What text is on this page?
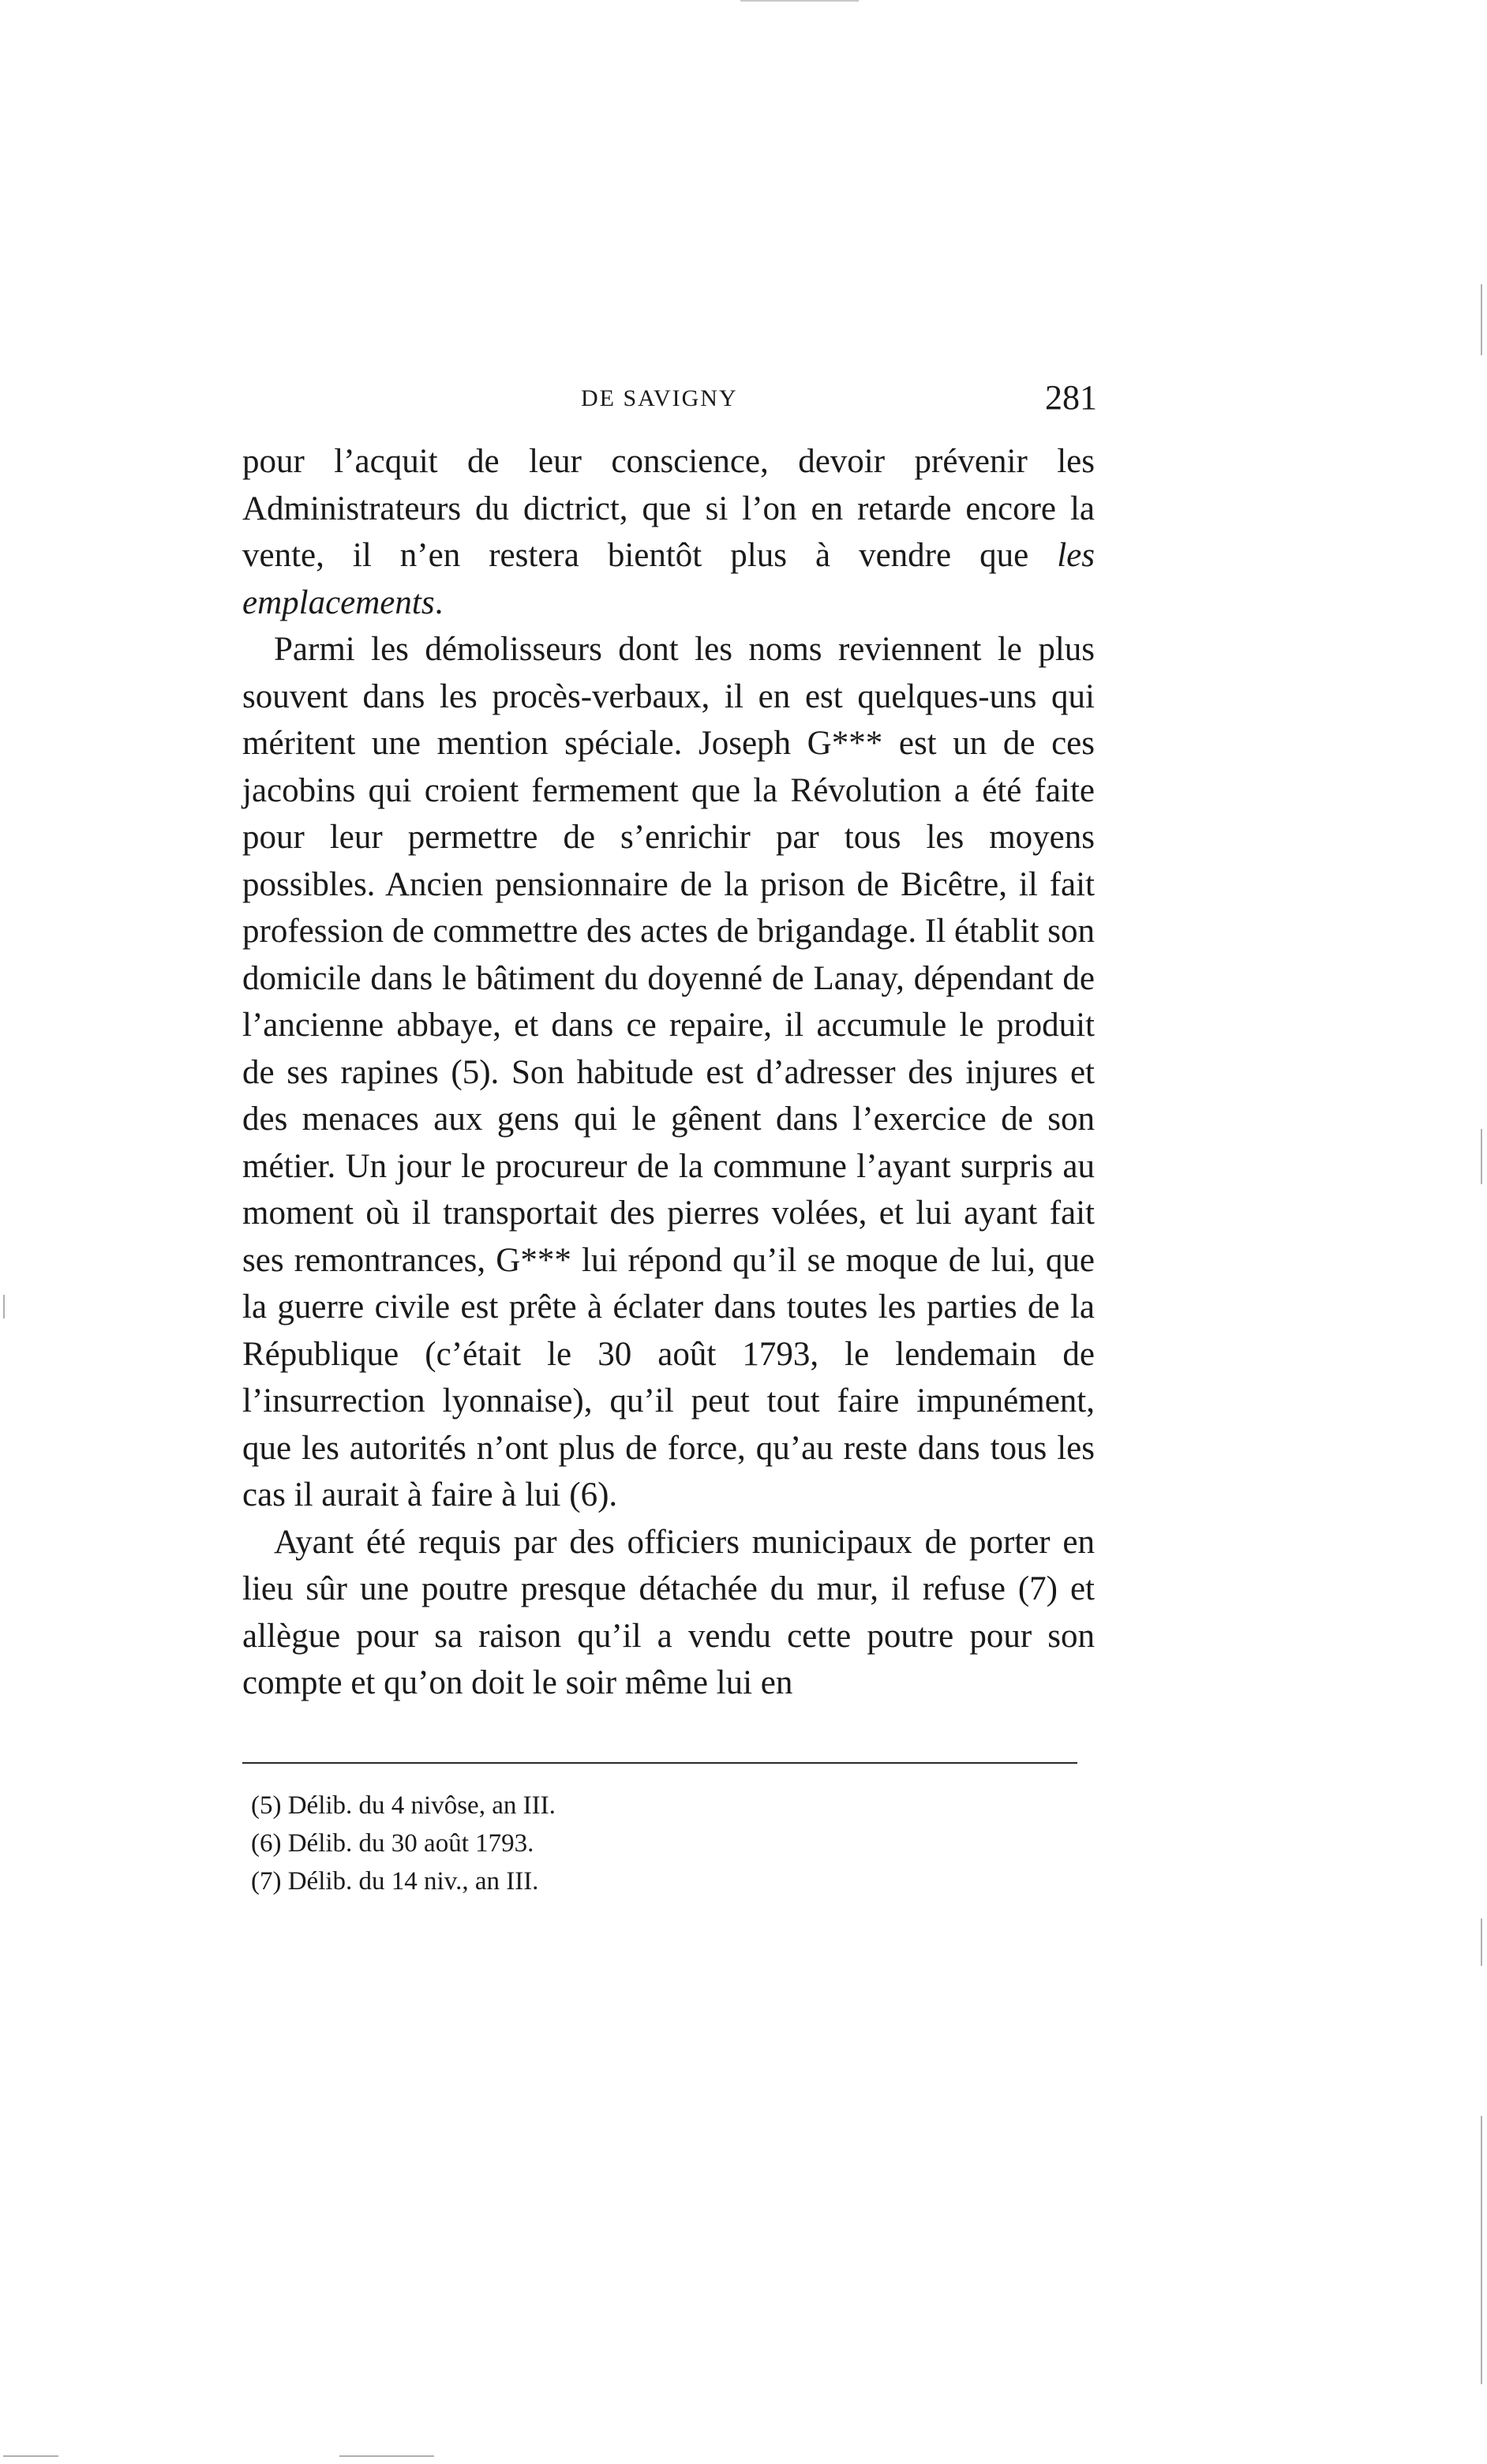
DE SAVIGNY	281

pour l’acquit de leur conscience, devoir prévenir les Administrateurs du dictrict, que si l’on en retarde encore la vente, il n’en restera bientôt plus à vendre que les emplacements.

Parmi les démolisseurs dont les noms reviennent le plus souvent dans les procès-verbaux, il en est quelques-uns qui méritent une mention spéciale. Joseph G*** est un de ces jacobins qui croient fermement que la Révolution a été faite pour leur permettre de s’enrichir par tous les moyens possibles. Ancien pensionnaire de la prison de Bicêtre, il fait profession de commettre des actes de brigandage. Il établit son domicile dans le bâtiment du doyenné de Lanay, dépendant de l’ancienne abbaye, et dans ce repaire, il accumule le produit de ses rapines (5). Son habitude est d’adresser des injures et des menaces aux gens qui le gênent dans l’exercice de son métier. Un jour le procureur de la commune l’ayant surpris au moment où il transportait des pierres volées, et lui ayant fait ses remontrances, G*** lui répond qu’il se moque de lui, que la guerre civile est prête à éclater dans toutes les parties de la République (c’était le 30 août 1793, le lendemain de l’insurrection lyonnaise), qu’il peut tout faire impunément, que les autorités n’ont plus de force, qu’au reste dans tous les cas il aurait à faire à lui (6).

Ayant été requis par des officiers municipaux de porter en lieu sûr une poutre presque détachée du mur, il refuse (7) et allègue pour sa raison qu’il a vendu cette poutre pour son compte et qu’on doit le soir même lui en

(5) Délib. du 4 nivôse, an III.
(6) Délib. du 30 août 1793.
(7) Délib. du 14 niv., an III.
